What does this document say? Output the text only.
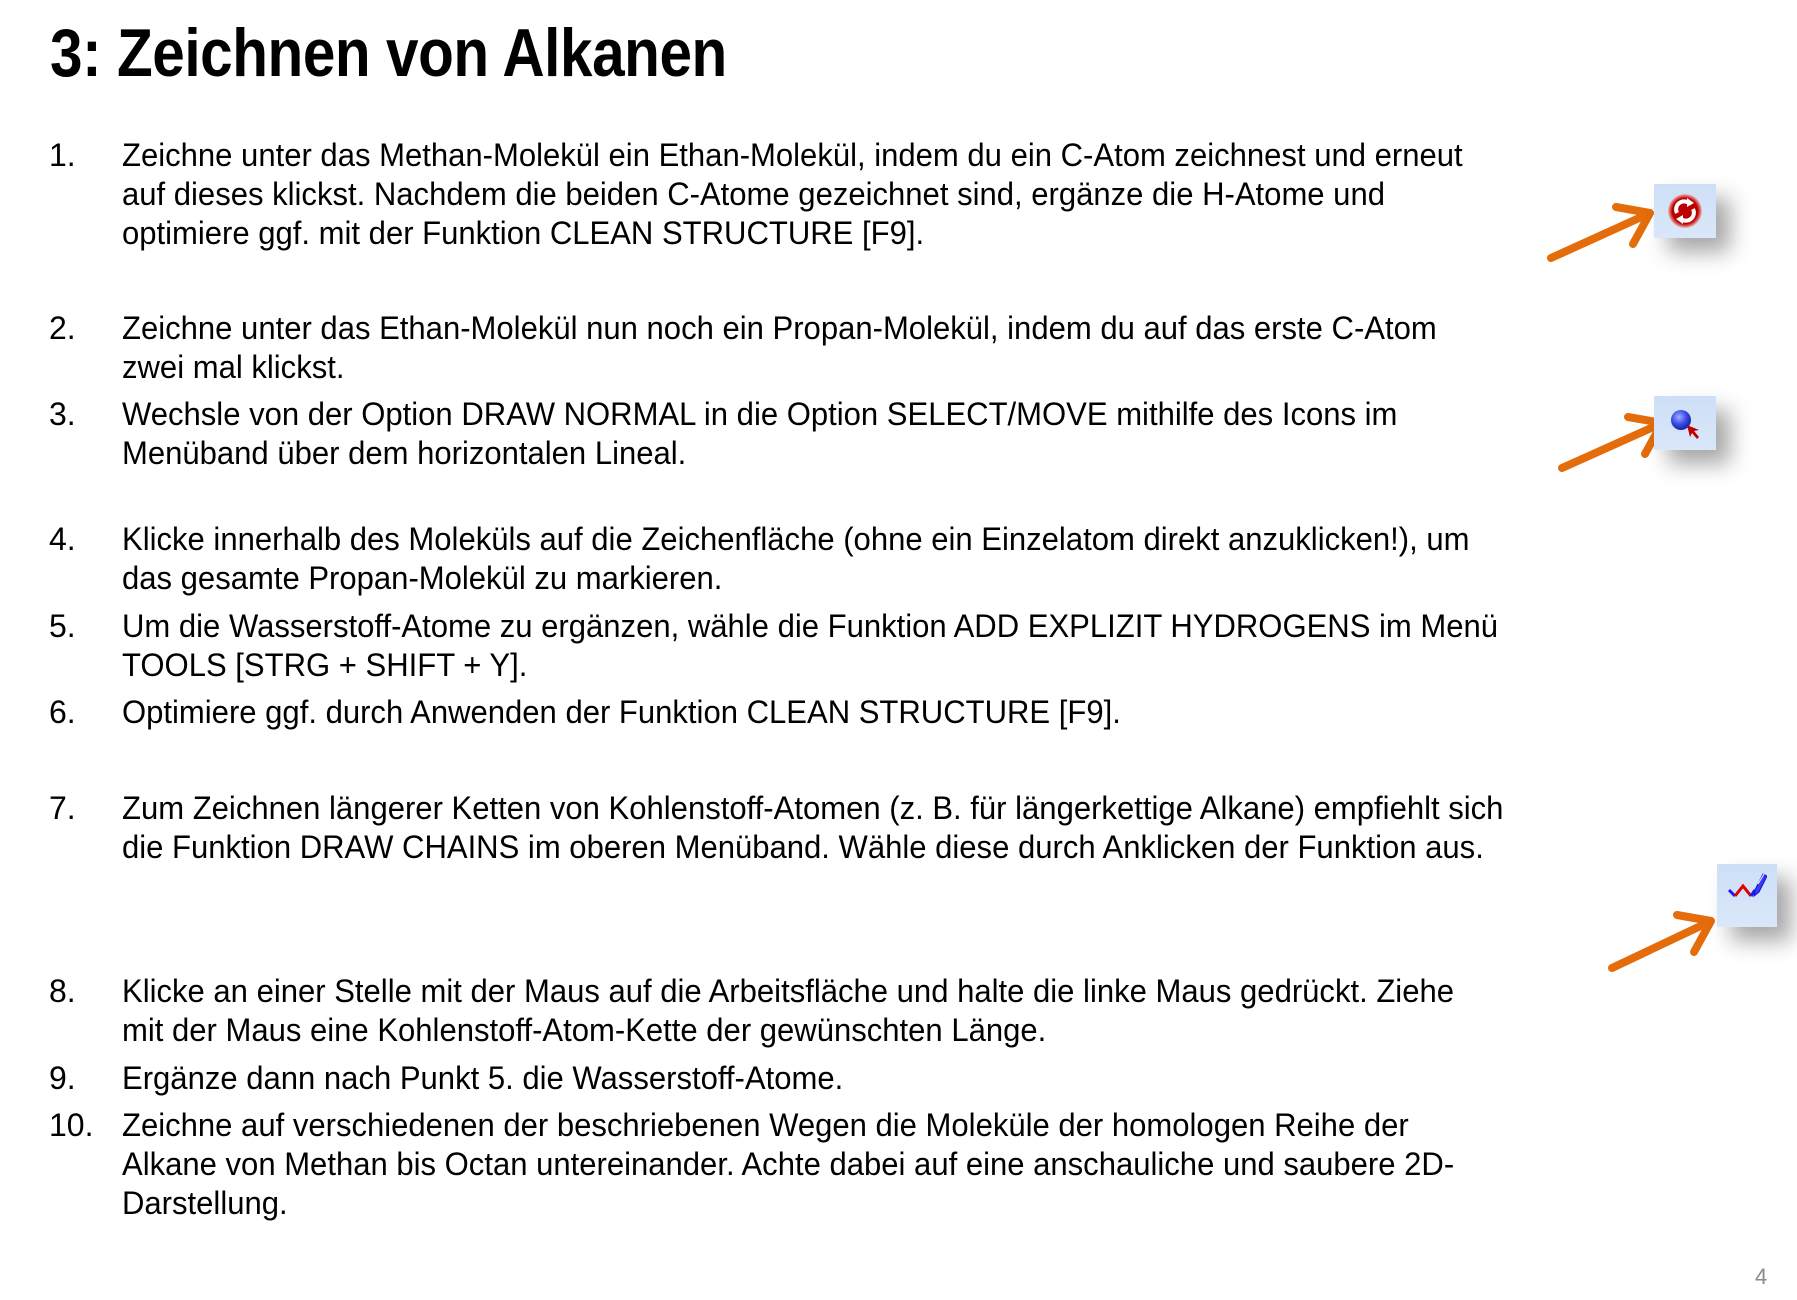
3: Zeichnen von Alkanen
1. Zeichne unter das Methan-Molekül ein Ethan-Molekül, indem du ein C-Atom zeichnest und erneut
auf dieses klickst. Nachdem die beiden C-Atome gezeichnet sind, ergänze die H-Atome und
optimiere ggf. mit der Funktion CLEAN STRUCTURE [F9].
2. Zeichne unter das Ethan-Molekül nun noch ein Propan-Molekül, indem du auf das erste C-Atom
zwei mal klickst.
3. Wechsle von der Option DRAW NORMAL in die Option SELECT/MOVE mithilfe des Icons im
Menüband über dem horizontalen Lineal.
4. Klicke innerhalb des Moleküls auf die Zeichenfläche (ohne ein Einzelatom direkt anzuklicken!), um
das gesamte Propan-Molekül zu markieren.
5. Um die Wasserstoff-Atome zu ergänzen, wähle die Funktion ADD EXPLIZIT HYDROGENS im Menü
TOOLS [STRG + SHIFT + Y].
6. Optimiere ggf. durch Anwenden der Funktion CLEAN STRUCTURE [F9].
7. Zum Zeichnen längerer Ketten von Kohlenstoff-Atomen (z. B. für längerkettige Alkane) empfiehlt sich
die Funktion DRAW CHAINS im oberen Menüband. Wähle diese durch Anklicken der Funktion aus.
8. Klicke an einer Stelle mit der Maus auf die Arbeitsfläche und halte die linke Maus gedrückt. Ziehe
mit der Maus eine Kohlenstoff-Atom-Kette der gewünschten Länge.
9. Ergänze dann nach Punkt 5. die Wasserstoff-Atome.
10. Zeichne auf verschiedenen der beschriebenen Wegen die Moleküle der homologen Reihe der
Alkane von Methan bis Octan untereinander. Achte dabei auf eine anschauliche und saubere 2D-
Darstellung.
4
